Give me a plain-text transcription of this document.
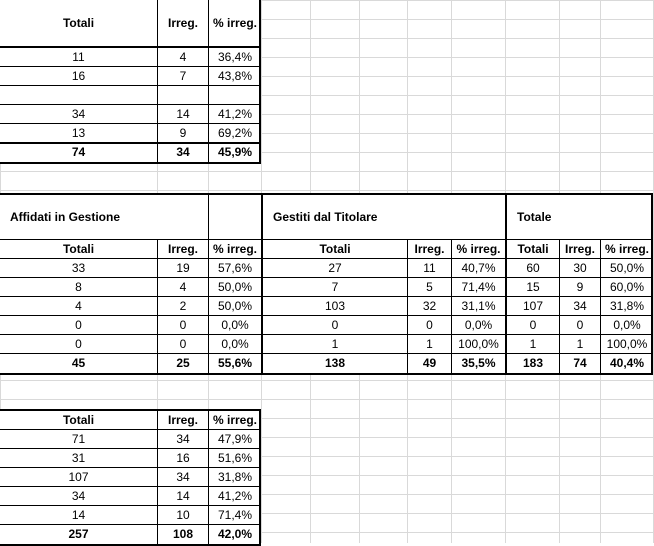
Totali	Irreg.	% irreg.
11	4	36,4%
16	7	43,8%
34	14	41,2%
13	9	69,2%
74	34	45,9%
Affidati in Gestione	Gestiti dal Titolare	Totale
Totali	Irreg.	% irreg.	Totali	Irreg. % irreg.	Totali	Irreg. % irreg.
33	19	57,6%	27	11	40,7%	60	30	50,0%
8	4	50,0%	7	5	71,4%	15	9	60,0%
4	2	50,0%	103	32	31,1%	107	34	31,8%
0	0	0,0%	0	0	0,0%	0	0	0,0%
0	0	0,0%	1	1	100,0%	1	1	100,0%
45	25	55,6%	138	49	35,5%	183	74	40,4%
Totali	Irreg.	% irreg.
71	34	47,9%
31	16	51,6%
107	34	31,8%
34	14	41,2%
14	10	71,4%
257	108	42,0%
